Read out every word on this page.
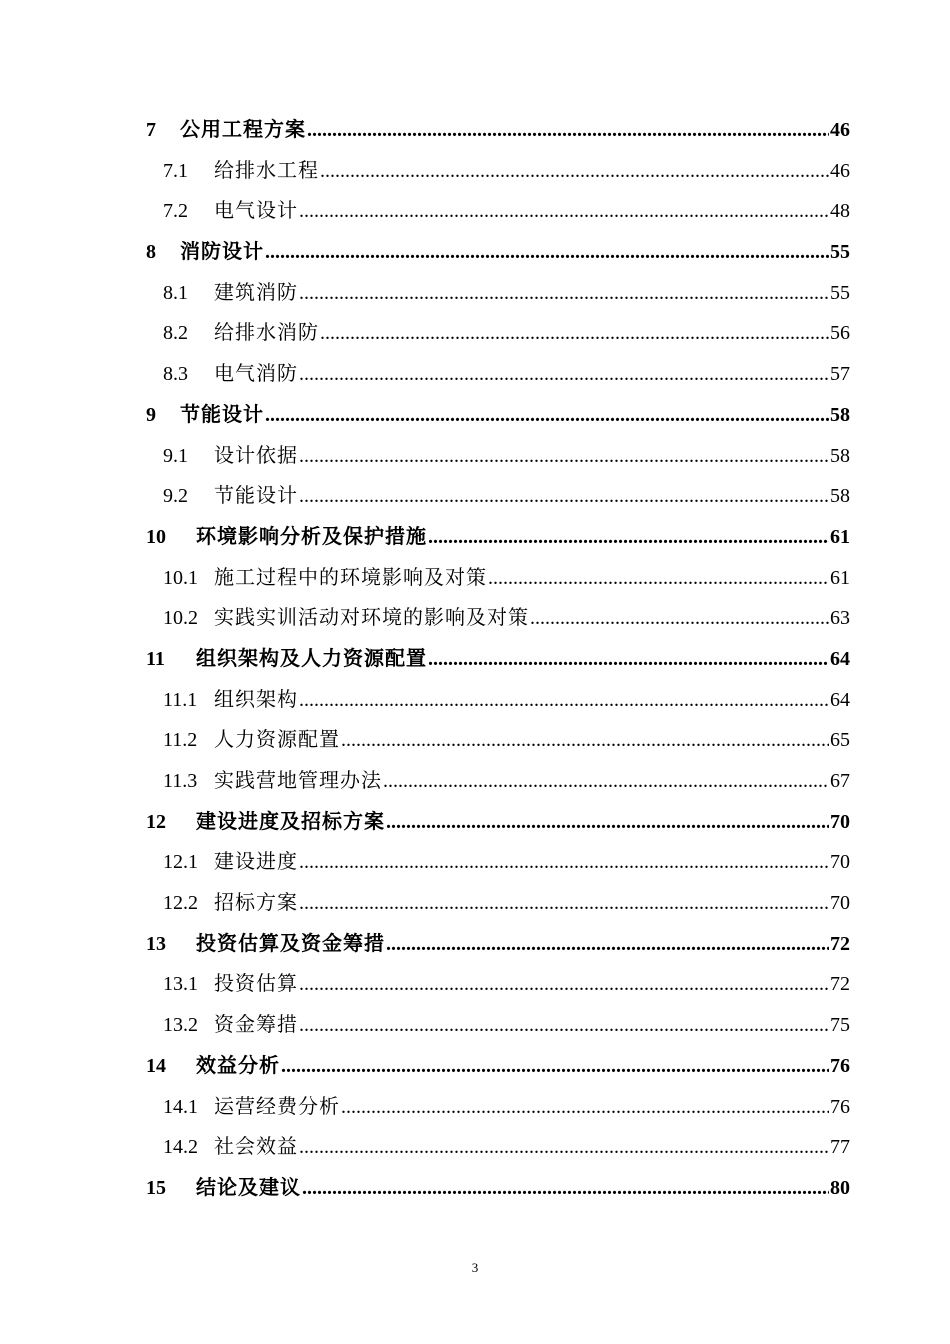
7	公用工程方案 .....	46
7.1	给排水工程 .....	46
7.2	电气设计 .....	48
8	消防设计 .....	55
8.1	建筑消防 .....	55
8.2	给排水消防 .....	56
8.3	电气消防 .....	57
9	节能设计 .....	58
9.1	设计依据 .....	58
9.2	节能设计 .....	58
10	环境影响分析及保护措施 .....	61
10.1 施工过程中的环境影响及对策 .....	61
10.2 实践实训活动对环境的影响及对策 .....	63
11	组织架构及人力资源配置 .....	64
11.1 组织架构 .....	64
11.2 人力资源配置 .....	65
11.3 实践营地管理办法 .....	67
12	建设进度及招标方案 .....	70
12.1 建设进度 .....	70
12.2 招标方案 .....	70
13	投资估算及资金筹措 .....	72
13.1 投资估算 .....	72
13.2 资金筹措 .....	75
14	效益分析 .....	76
14.1 运营经费分析 .....	76
14.2 社会效益 .....	77
15	结论及建议 .....	80
3
